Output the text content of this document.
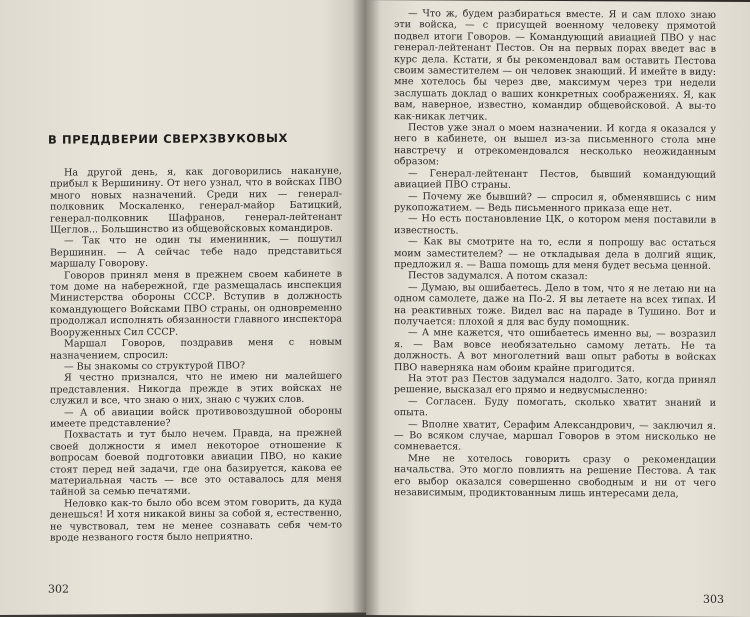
В ПРЕДДВЕРИИ СВЕРХЗВУКОВЫХ

На другой день, я, как договорились накануне, прибыл к Вершинину. От него узнал, что в войсках ПВО много новых назначений. Среди них — генерал-полковник Москаленко, генерал-майор Батицкий, генерал-полковник Шафранов, генерал-лейтенант Щеглов... Большинство из общевойсковых командиров.

— Так что не один ты именинник, — пошутил Вершинин. — А сейчас тебе надо представиться маршалу Говорову.

Говоров принял меня в прежнем своем кабинете в том доме на набережной, где размещалась инспекция Министерства обороны СССР. Вступив в должность командующего Войсками ПВО страны, он одновременно продолжал исполнять обязанности главного инспектора Вооруженных Сил СССР.

Маршал Говоров, поздравив меня с новым назначением, спросил:

— Вы знакомы со структурой ПВО?

Я честно признался, что не имею ни малейшего представления. Никогда прежде в этих войсках не служил и все, что знаю о них, знаю с чужих слов.

— А об авиации войск противовоздушной обороны имеете представление?

Похвастать и тут было нечем. Правда, на прежней своей должности я имел некоторое отношение к вопросам боевой подготовки авиации ПВО, но какие стоят перед ней задачи, где она базируется, какова ее материальная часть — все это оставалось для меня тайной за семью печатями.

Неловко как-то было обо всем этом говорить, да куда денешься! И хотя никакой вины за собой я, естественно, не чувствовал, тем не менее сознавать себя чем-то вроде незваного гостя было неприятно.

302

— Что ж, будем разбираться вместе. Я и сам плохо знаю эти войска, — с присущей военному человеку прямотой подвел итоги Говоров. — Командующий авиацией ПВО у нас генерал-лейтенант Пестов. Он на первых порах введет вас в курс дела. Кстати, я бы рекомендовал вам оставить Пестова своим заместителем — он человек знающий. И имейте в виду: мне хотелось бы через две, максимум через три недели заслушать доклад о ваших конкретных соображениях. Я, как вам, наверное, известно, командир общевойсковой. А вы-то как-никак летчик.

Пестов уже знал о моем назначении. И когда я оказался у него в кабинете, он вышел из-за письменного стола мне навстречу и отрекомендовался несколько неожиданным образом:

— Генерал-лейтенант Пестов, бывший командующий авиацией ПВО страны.

— Почему же бывший? — спросил я, обменявшись с ним рукопожатием. — Ведь письменного приказа еще нет.

— Но есть постановление ЦК, о котором меня поставили в известность.

— Как вы смотрите на то, если я попрошу вас остаться моим заместителем? — не откладывая дела в долгий ящик, предложил я. — Ваша помощь для меня будет весьма ценной.

Пестов задумался. А потом сказал:

— Думаю, вы ошибаетесь. Дело в том, что я не летаю ни на одном самолете, даже на По-2. Я вы летаете на всех типах. И на реактивных тоже. Видел вас на параде в Тушино. Вот и получается: плохой я для вас буду помощник.

— А мне кажется, что ошибаетесь именно вы, — возразил я. — Вам вовсе необязательно самому летать. Не та должность. А вот многолетний ваш опыт работы в войсках ПВО наверняка нам обоим крайне пригодится.

На этот раз Пестов задумался надолго. Зато, когда принял решение, высказал его прямо и недвусмысленно:

— Согласен. Буду помогать, сколько хватит знаний и опыта.

— Вполне хватит, Серафим Александрович, — заключил я. — Во всяком случае, маршал Говоров в этом нисколько не сомневается.

Мне не хотелось говорить сразу о рекомендации начальства. Это могло повлиять на решение Пестова. А так его выбор оказался совершенно свободным и ни от чего независимым, продиктованным лишь интересами дела,

303
